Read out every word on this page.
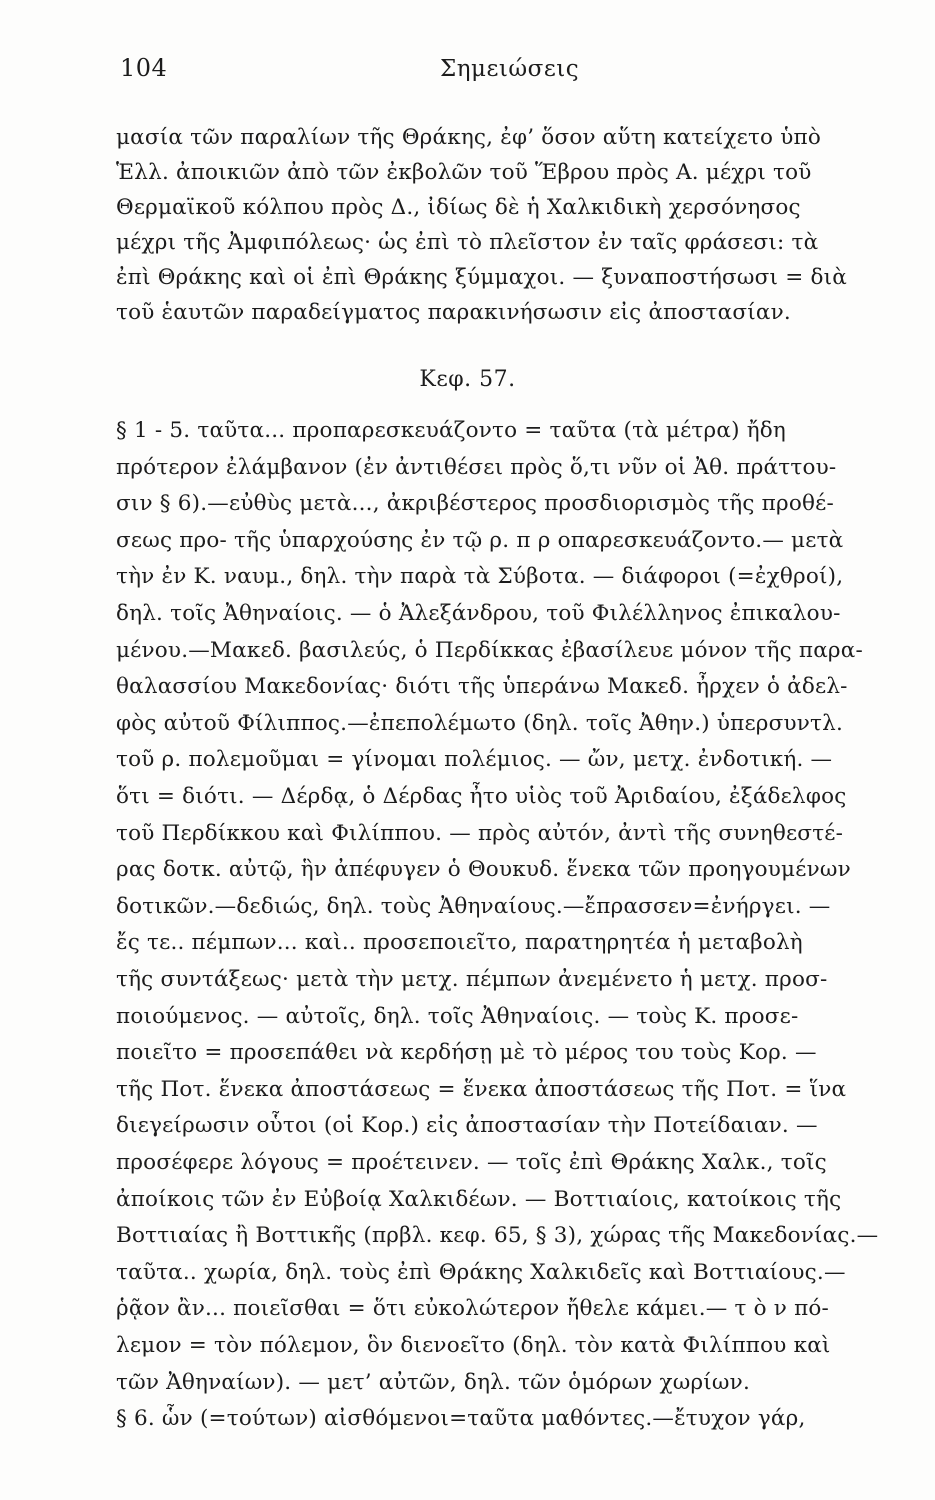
104	Σημειώσεις
μασία τῶν παραλίων τῆς Θράκης, ἐφ’ ὅσον αὕτη κατείχετο ὑπὸ
Ἑλλ. ἀποικιῶν ἀπὸ τῶν ἐκβολῶν τοῦ Ἕβρου πρὸς Α. μέχρι τοῦ
Θερμαϊκοῦ κόλπου πρὸς Δ., ἰδίως δὲ ἡ Χαλκιδικὴ χερσόνησος
μέχρι τῆς Ἀμφιπόλεως· ὡς ἐπὶ τὸ πλεῖστον ἐν ταῖς φράσεσι: τὰ
ἐπὶ Θράκης καὶ οἱ ἐπὶ Θράκης ξύμμαχοι. — ξυναποστήσωσι = διὰ
τοῦ ἑαυτῶν παραδείγματος παρακινήσωσιν εἰς ἀποστασίαν.
Κεφ. 57.
§ 1 - 5. ταῦτα... προπαρεσκευάζοντο = ταῦτα (τὰ μέτρα) ἤδη
πρότερον ἐλάμβανον (ἐν ἀντιθέσει πρὸς ὅ,τι νῦν οἱ Ἀθ. πράττου-
σιν § 6).—εὐθὺς μετὰ..., ἀκριβέστερος προσδιορισμὸς τῆς προθέ-
σεως προ- τῆς ὑπαρχούσης ἐν τῷ ρ. π ρ οπαρεσκευάζοντο.— μετὰ
τὴν ἐν Κ. ναυμ., δηλ. τὴν παρὰ τὰ Σύβοτα. — διάφοροι (=ἐχθροί),
δηλ. τοῖς Ἀθηναίοις. — ὁ Ἀλεξάνδρου, τοῦ Φιλέλληνος ἐπικαλου-
μένου.—Μακεδ. βασιλεύς, ὁ Περδίκκας ἐβασίλευε μόνον τῆς παρα-
θαλασσίου Μακεδονίας· διότι τῆς ὑπεράνω Μακεδ. ἦρχεν ὁ ἀδελ-
φὸς αὐτοῦ Φίλιππος.—ἐπεπολέμωτο (δηλ. τοῖς Ἀθην.) ὑπερσυντλ.
τοῦ ρ. πολεμοῦμαι = γίνομαι πολέμιος. — ὤν, μετχ. ἐνδοτική. —
ὅτι = διότι. — Δέρδᾳ, ὁ Δέρδας ἦτο υἱὸς τοῦ Ἀριδαίου, ἐξάδελφος
τοῦ Περδίκκου καὶ Φιλίππου. — πρὸς αὐτόν, ἀντὶ τῆς συνηθεστέ-
ρας δοτκ. αὐτῷ, ἣν ἀπέφυγεν ὁ Θουκυδ. ἕνεκα τῶν προηγουμένων
δοτικῶν.—δεδιώς, δηλ. τοὺς Ἀθηναίους.—ἔπρασσεν=ἐνήργει. —
ἔς τε.. πέμπων... καὶ.. προσεποιεῖτο, παρατηρητέα ἡ μεταβολὴ
τῆς συντάξεως· μετὰ τὴν μετχ. πέμπων ἀνεμένετο ἡ μετχ. προσ-
ποιούμενος. — αὐτοῖς, δηλ. τοῖς Ἀθηναίοις. — τοὺς Κ. προσε-
ποιεῖτο = προσεπάθει νὰ κερδήσῃ μὲ τὸ μέρος του τοὺς Κορ. —
τῆς Ποτ. ἕνεκα ἀποστάσεως = ἕνεκα ἀποστάσεως τῆς Ποτ. = ἵνα
διεγείρωσιν οὗτοι (οἱ Κορ.) εἰς ἀποστασίαν τὴν Ποτείδαιαν. —
προσέφερε λόγους = προέτεινεν. — τοῖς ἐπὶ Θράκης Χαλκ., τοῖς
ἀποίκοις τῶν ἐν Εὐβοίᾳ Χαλκιδέων. — Βοττιαίοις, κατοίκοις τῆς
Βοττιαίας ἢ Βοττικῆς (πρβλ. κεφ. 65, § 3), χώρας τῆς Μακεδονίας.—
ταῦτα.. χωρία, δηλ. τοὺς ἐπὶ Θράκης Χαλκιδεῖς καὶ Βοττιαίους.—
ῥᾷον ἂν... ποιεῖσθαι = ὅτι εὐκολώτερον ἤθελε κάμει.— τ ὸ ν πό-
λεμον = τὸν πόλεμον, ὃν διενοεῖτο (δηλ. τὸν κατὰ Φιλίππου καὶ
τῶν Ἀθηναίων). — μετ’ αὐτῶν, δηλ. τῶν ὁμόρων χωρίων.
§ 6. ὧν (=τούτων) αἰσθόμενοι=ταῦτα μαθόντες.—ἔτυχον γάρ,
